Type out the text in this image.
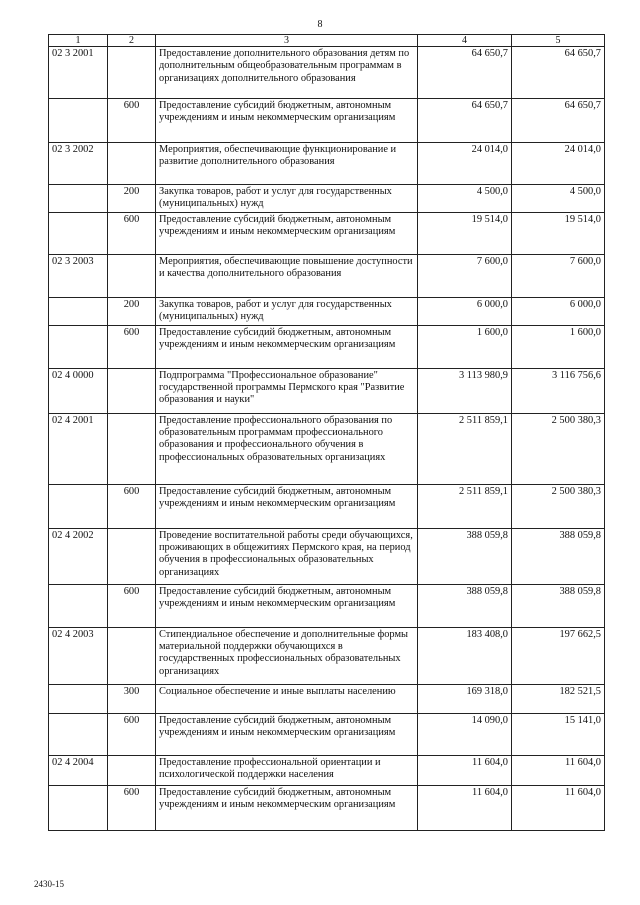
8
1	2	3	4	5
02 3 2001		Предоставление дополнительного образования детям по дополнительным общеобразовательным программам в организациях дополнительного образования	64 650,7	64 650,7
	600	Предоставление субсидий бюджетным, автономным учреждениям и иным некоммерческим организациям	64 650,7	64 650,7
02 3 2002		Мероприятия, обеспечивающие функционирование и развитие дополнительного образования	24 014,0	24 014,0
	200	Закупка товаров, работ и услуг для государственных (муниципальных) нужд	4 500,0	4 500,0
	600	Предоставление субсидий бюджетным, автономным учреждениям и иным некоммерческим организациям	19 514,0	19 514,0
02 3 2003		Мероприятия, обеспечивающие повышение доступности и качества дополнительного образования	7 600,0	7 600,0
	200	Закупка товаров, работ и услуг для государственных (муниципальных) нужд	6 000,0	6 000,0
	600	Предоставление субсидий бюджетным, автономным учреждениям и иным некоммерческим организациям	1 600,0	1 600,0
02 4 0000		Подпрограмма "Профессиональное образование" государственной программы Пермского края "Развитие образования и науки"	3 113 980,9	3 116 756,6
02 4 2001		Предоставление профессионального образования по образовательным программам профессионального образования и профессионального обучения в профессиональных образовательных организациях	2 511 859,1	2 500 380,3
	600	Предоставление субсидий бюджетным, автономным учреждениям и иным некоммерческим организациям	2 511 859,1	2 500 380,3
02 4 2002		Проведение воспитательной работы среди обучающихся, проживающих в общежитиях Пермского края, на период обучения в профессиональных образовательных организациях	388 059,8	388 059,8
	600	Предоставление субсидий бюджетным, автономным учреждениям и иным некоммерческим организациям	388 059,8	388 059,8
02 4 2003		Стипендиальное обеспечение и дополнительные формы материальной поддержки обучающихся в государственных профессиональных образовательных организациях	183 408,0	197 662,5
	300	Социальное обеспечение и иные выплаты населению	169 318,0	182 521,5
	600	Предоставление субсидий бюджетным, автономным учреждениям и иным некоммерческим организациям	14 090,0	15 141,0
02 4 2004		Предоставление профессиональной ориентации и психологической поддержки населения	11 604,0	11 604,0
	600	Предоставление субсидий бюджетным, автономным учреждениям и иным некоммерческим организациям	11 604,0	11 604,0
2430-15
